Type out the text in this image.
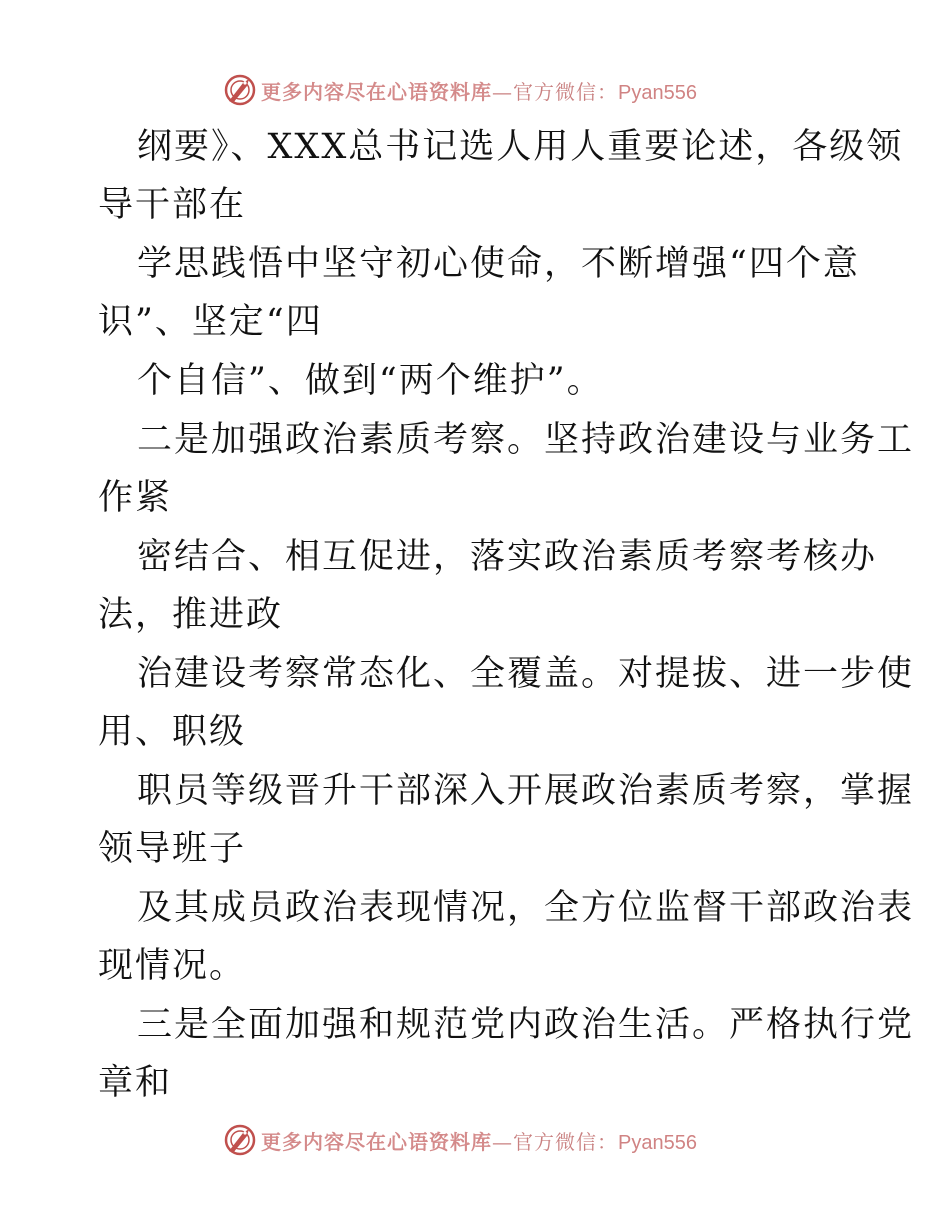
更多内容尽在心语资料库 — 官方微信： Pyan556
纲要》、XXX总书记选人用人重要论述，各级领
导干部在
学思践悟中坚守初心使命，不断增强“四个意
识”、坚定“四
个自信”、做到“两个维护”。
二是加强政治素质考察。坚持政治建设与业务工
作紧
密结合、相互促进，落实政治素质考察考核办
法，推进政
治建设考察常态化、全覆盖。对提拔、进一步使
用、职级
职员等级晋升干部深入开展政治素质考察，掌握
领导班子
及其成员政治表现情况，全方位监督干部政治表
现情况。
三是全面加强和规范党内政治生活。严格执行党
章和
更多内容尽在心语资料库 — 官方微信： Pyan556
